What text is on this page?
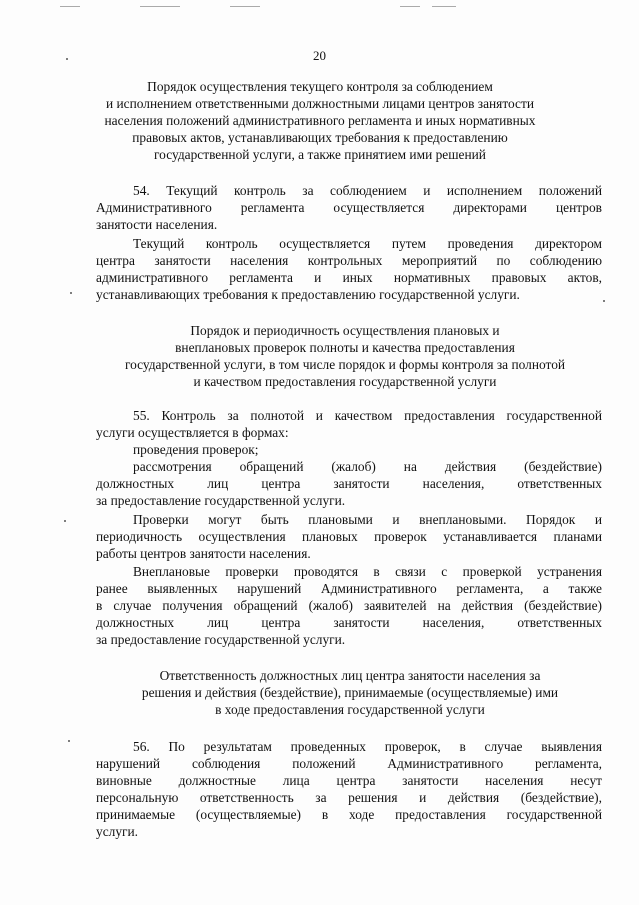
20
Порядок осуществления текущего контроля за соблюдением
и исполнением ответственными должностными лицами центров занятости
населения положений административного регламента и иных нормативных
правовых актов, устанавливающих требования к предоставлению
государственной услуги, а также принятием ими решений
54. Текущий контроль за соблюдением и исполнением положений
Административного регламента осуществляется директорами центров
занятости населения.
Текущий контроль осуществляется путем проведения директором
центра занятости населения контрольных мероприятий по соблюдению
административного регламента и иных нормативных правовых актов,
устанавливающих требования к предоставлению государственной услуги.
Порядок и периодичность осуществления плановых и
внеплановых проверок полноты и качества предоставления
государственной услуги, в том числе порядок и формы контроля за полнотой
и качеством предоставления государственной услуги
55. Контроль за полнотой и качеством предоставления государственной
услуги осуществляется в формах:
проведения проверок;
рассмотрения обращений (жалоб) на действия (бездействие)
должностных лиц центра занятости населения, ответственных
за предоставление государственной услуги.
Проверки могут быть плановыми и внеплановыми. Порядок и
периодичность осуществления плановых проверок устанавливается планами
работы центров занятости населения.
Внеплановые проверки проводятся в связи с проверкой устранения
ранее выявленных нарушений Административного регламента, а также
в случае получения обращений (жалоб) заявителей на действия (бездействие)
должностных лиц центра занятости населения, ответственных
за предоставление государственной услуги.
Ответственность должностных лиц центра занятости населения за
решения и действия (бездействие), принимаемые (осуществляемые) ими
в ходе предоставления государственной услуги
56. По результатам проведенных проверок, в случае выявления
нарушений соблюдения положений Административного регламента,
виновные должностные лица центра занятости населения несут
персональную ответственность за решения и действия (бездействие),
принимаемые (осуществляемые) в ходе предоставления государственной
услуги.
